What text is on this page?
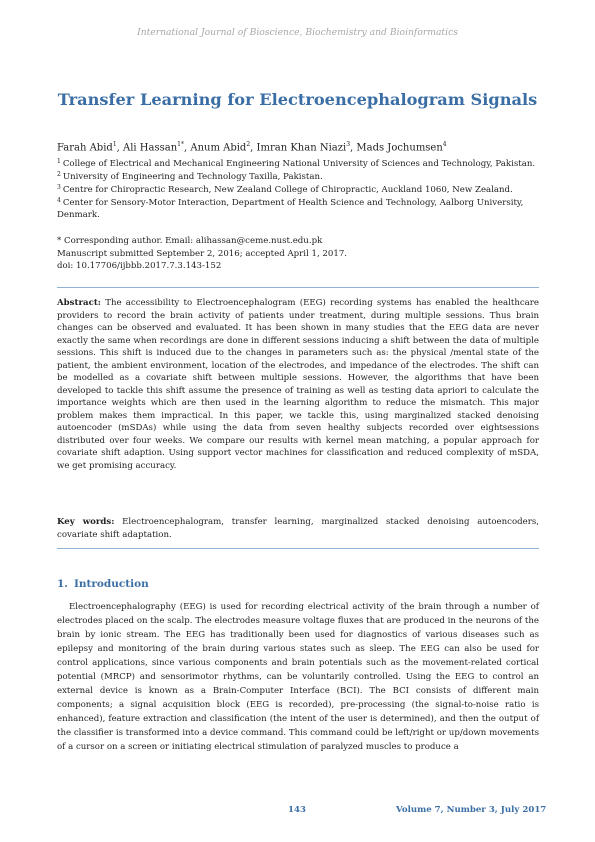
International Journal of Bioscience, Biochemistry and Bioinformatics
Transfer Learning for Electroencephalogram Signals
Farah Abid$^1$, Ali Hassan$^{1*}$, Anum Abid$^2$, Imran Khan Niazi$^3$, Mads Jochumsen$^4$
$^1$ College of Electrical and Mechanical Engineering National University of Sciences and Technology, Pakistan.
$^2$ University of Engineering and Technology Taxilla, Pakistan.
$^3$ Centre for Chiropractic Research, New Zealand College of Chiropractic, Auckland 1060, New Zealand.
$^4$ Center for Sensory-Motor Interaction, Department of Health Science and Technology, Aalborg University,
Denmark.
* Corresponding author. Email: alihassan@ceme.nust.edu.pk
Manuscript submitted September 2, 2016; accepted April 1, 2017.
doi: 10.17706/ijbbb.2017.7.3.143-152
Abstract: The accessibility to Electroencephalogram (EEG) recording systems has enabled the healthcare providers to record the brain activity of patients under treatment, during multiple sessions. Thus brain changes can be observed and evaluated. It has been shown in many studies that the EEG data are never exactly the same when recordings are done in different sessions inducing a shift between the data of multiple sessions. This shift is induced due to the changes in parameters such as: the physical /mental state of the patient, the ambient environment, location of the electrodes, and impedance of the electrodes. The shift can be modelled as a covariate shift between multiple sessions. However, the algorithms that have been developed to tackle this shift assume the presence of training as well as testing data apriori to calculate the importance weights which are then used in the learning algorithm to reduce the mismatch. This major problem makes them impractical. In this paper, we tackle this, using marginalized stacked denoising autoencoder (mSDAs) while using the data from seven healthy subjects recorded over eightsessions distributed over four weeks. We compare our results with kernel mean matching, a popular approach for covariate shift adaption. Using support vector machines for classification and reduced complexity of mSDA, we get promising accuracy.
Key words: Electroencephalogram, transfer learning, marginalized stacked denoising autoencoders, covariate shift adaptation.
1. Introduction
Electroencephalography (EEG) is used for recording electrical activity of the brain through a number of electrodes placed on the scalp. The electrodes measure voltage fluxes that are produced in the neurons of the brain by ionic stream. The EEG has traditionally been used for diagnostics of various diseases such as epilepsy and monitoring of the brain during various states such as sleep. The EEG can also be used for control applications, since various components and brain potentials such as the movement-related cortical potential (MRCP) and sensorimotor rhythms, can be voluntarily controlled. Using the EEG to control an external device is known as a Brain-Computer Interface (BCI). The BCI consists of different main components; a signal acquisition block (EEG is recorded), pre-processing (the signal-to-noise ratio is enhanced), feature extraction and classification (the intent of the user is determined), and then the output of the classifier is transformed into a device command. This command could be left/right or up/down movements of a cursor on a screen or initiating electrical stimulation of paralyzed muscles to produce a
143	Volume 7, Number 3, July 2017
